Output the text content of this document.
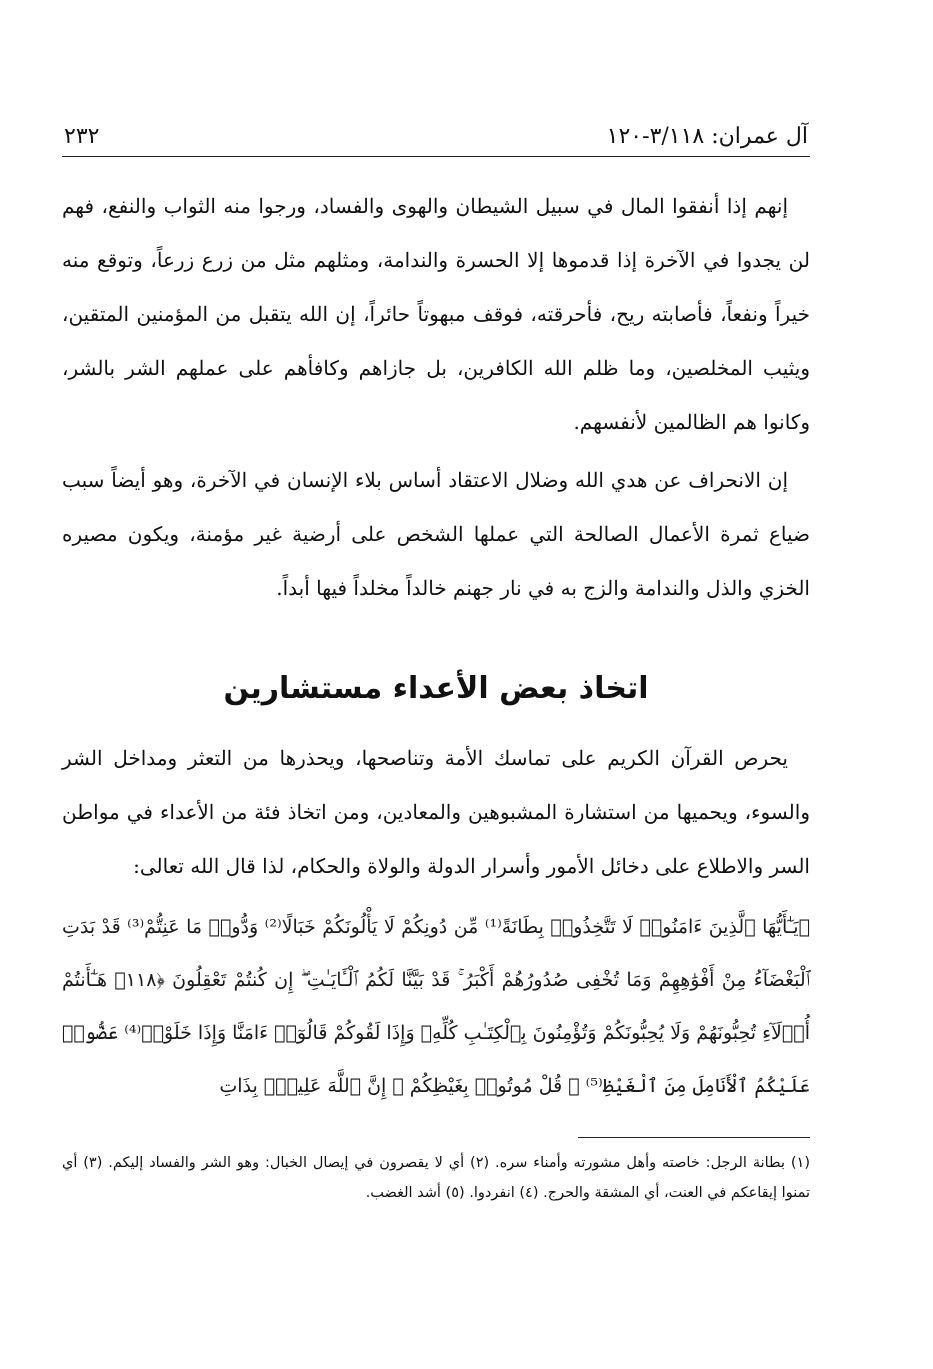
آل عمران: ٣/١١٨-١٢٠
٢٣٢

إنهم إذا أنفقوا المال في سبيل الشيطان والهوى والفساد، ورجوا منه الثواب والنفع، فهم لن يجدوا في الآخرة إذا قدموها إلا الحسرة والندامة، ومثلهم مثل من زرع زرعاً، وتوقع منه خيراً ونفعاً، فأصابته ريح، فأحرقته، فوقف مبهوتاً حائراً، إن الله يتقبل من المؤمنين المتقين، ويثيب المخلصين، وما ظلم الله الكافرين، بل جازاهم وكافأهم على عملهم الشر بالشر، وكانوا هم الظالمين لأنفسهم.

إن الانحراف عن هدي الله وضلال الاعتقاد أساس بلاء الإنسان في الآخرة، وهو أيضاً سبب ضياع ثمرة الأعمال الصالحة التي عملها الشخص على أرضية غير مؤمنة، ويكون مصيره الخزي والذل والندامة والزج به في نار جهنم خالداً مخلداً فيها أبداً.

اتخاذ بعض الأعداء مستشارين

يحرص القرآن الكريم على تماسك الأمة وتناصحها، ويحذرها من التعثر ومداخل الشر والسوء، ويحميها من استشارة المشبوهين والمعادين، ومن اتخاذ فئة من الأعداء في مواطن السر والاطلاع على دخائل الأمور وأسرار الدولة والولاة والحكام، لذا قال الله تعالى:

﴿يَـٰٓأَيُّهَا ٱلَّذِينَ ءَامَنُوا۟ لَا تَتَّخِذُوا۟ بِطَانَةً⁽¹⁾ مِّن دُونِكُمْ لَا يَأْلُونَكُمْ خَبَالًا⁽²⁾ وَدُّوا۟ مَا عَنِتُّمْ⁽³⁾ قَدْ بَدَتِ ٱلْبَغْضَآءُ مِنْ أَفْوَٰهِهِمْ وَمَا تُخْفِى صُدُورُهُمْ أَكْبَرُ ۚ قَدْ بَيَّنَّا لَكُمُ ٱلْـَٔايَـٰتِ ۖ إِن كُنتُمْ تَعْقِلُونَ ﴿١١٨﴾ هَـٰٓأَنتُمْ أُو۟لَآءِ تُحِبُّونَهُمْ وَلَا يُحِبُّونَكُمْ وَتُؤْمِنُونَ بِٱلْكِتَـٰبِ كُلِّهِۦ وَإِذَا لَقُوكُمْ قَالُوٓا۟ ءَامَنَّا وَإِذَا خَلَوْا۟⁽⁴⁾ عَضُّوا۟ عَلَيْكُمُ ٱلْأَنَامِلَ مِنَ ٱلْغَيْظِ⁽⁵⁾ ۚ قُلْ مُوتُوا۟ بِغَيْظِكُمْ ۗ إِنَّ ٱللَّهَ عَلِيمٌۢ بِذَاتِ

(١) بطانة الرجل: خاصته وأهل مشورته وأمناء سره. (٢) أي لا يقصرون في إيصال الخبال: وهو الشر والفساد إليكم. (٣) أي تمنوا إيقاعكم في العنت، أي المشقة والحرج. (٤) انفردوا. (٥) أشد الغضب.
